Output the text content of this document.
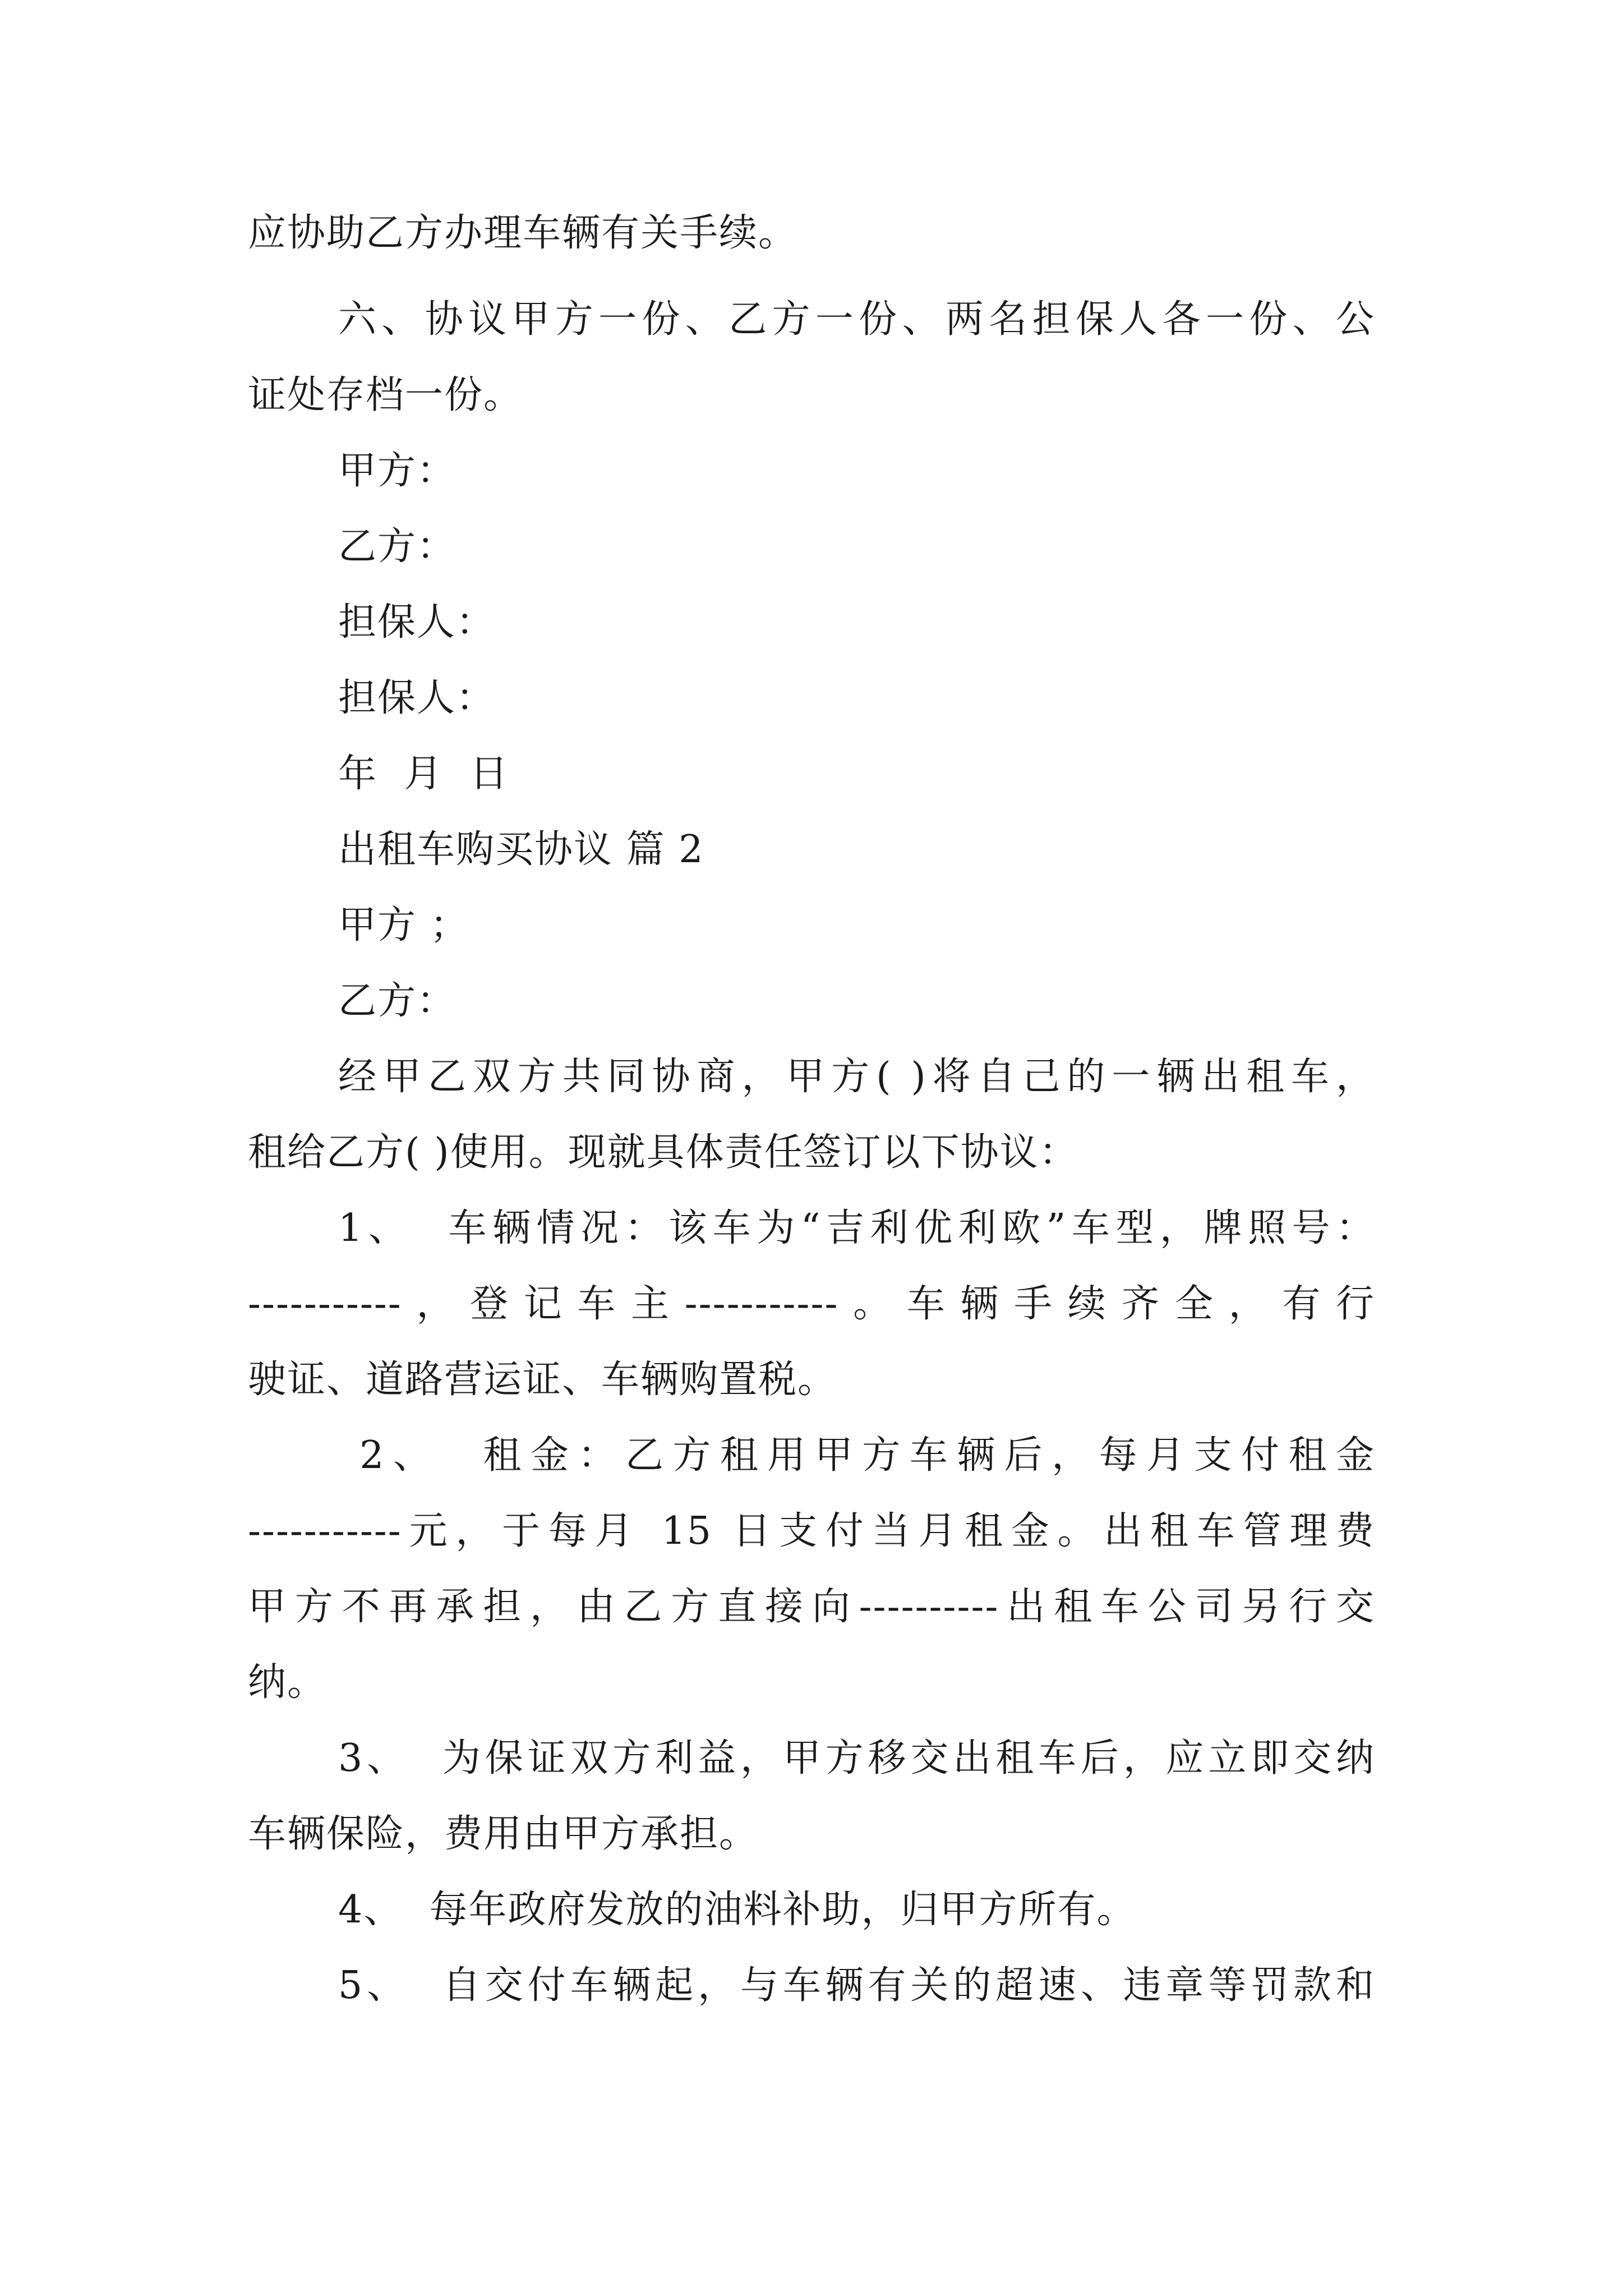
应协助乙方办理车辆有关手续。
六、协议甲方一份、乙方一份、两名担保人各一份、公
证处存档一份。
甲方：
乙方：
担保人：
担保人：
年  月  日
出租车购买协议 篇 2
甲方 ；
乙方：
经甲乙双方共同协商，甲方( )将自己的一辆出租车，
租给乙方( )使用。现就具体责任签订以下协议：
1、  车辆情况：该车为“吉利优利欧”车型，牌照号：
-----------，登记车主-----------。车辆手续齐全，有行
驶证、道路营运证、车辆购置税。
2、  租金：乙方租用甲方车辆后，每月支付租金
-----------元，于每月 15 日支付当月租金。出租车管理费
甲方不再承担，由乙方直接向----------出租车公司另行交
纳。
3、  为保证双方利益，甲方移交出租车后，应立即交纳
车辆保险，费用由甲方承担。
4、  每年政府发放的油料补助，归甲方所有。
5、  自交付车辆起，与车辆有关的超速、违章等罚款和
